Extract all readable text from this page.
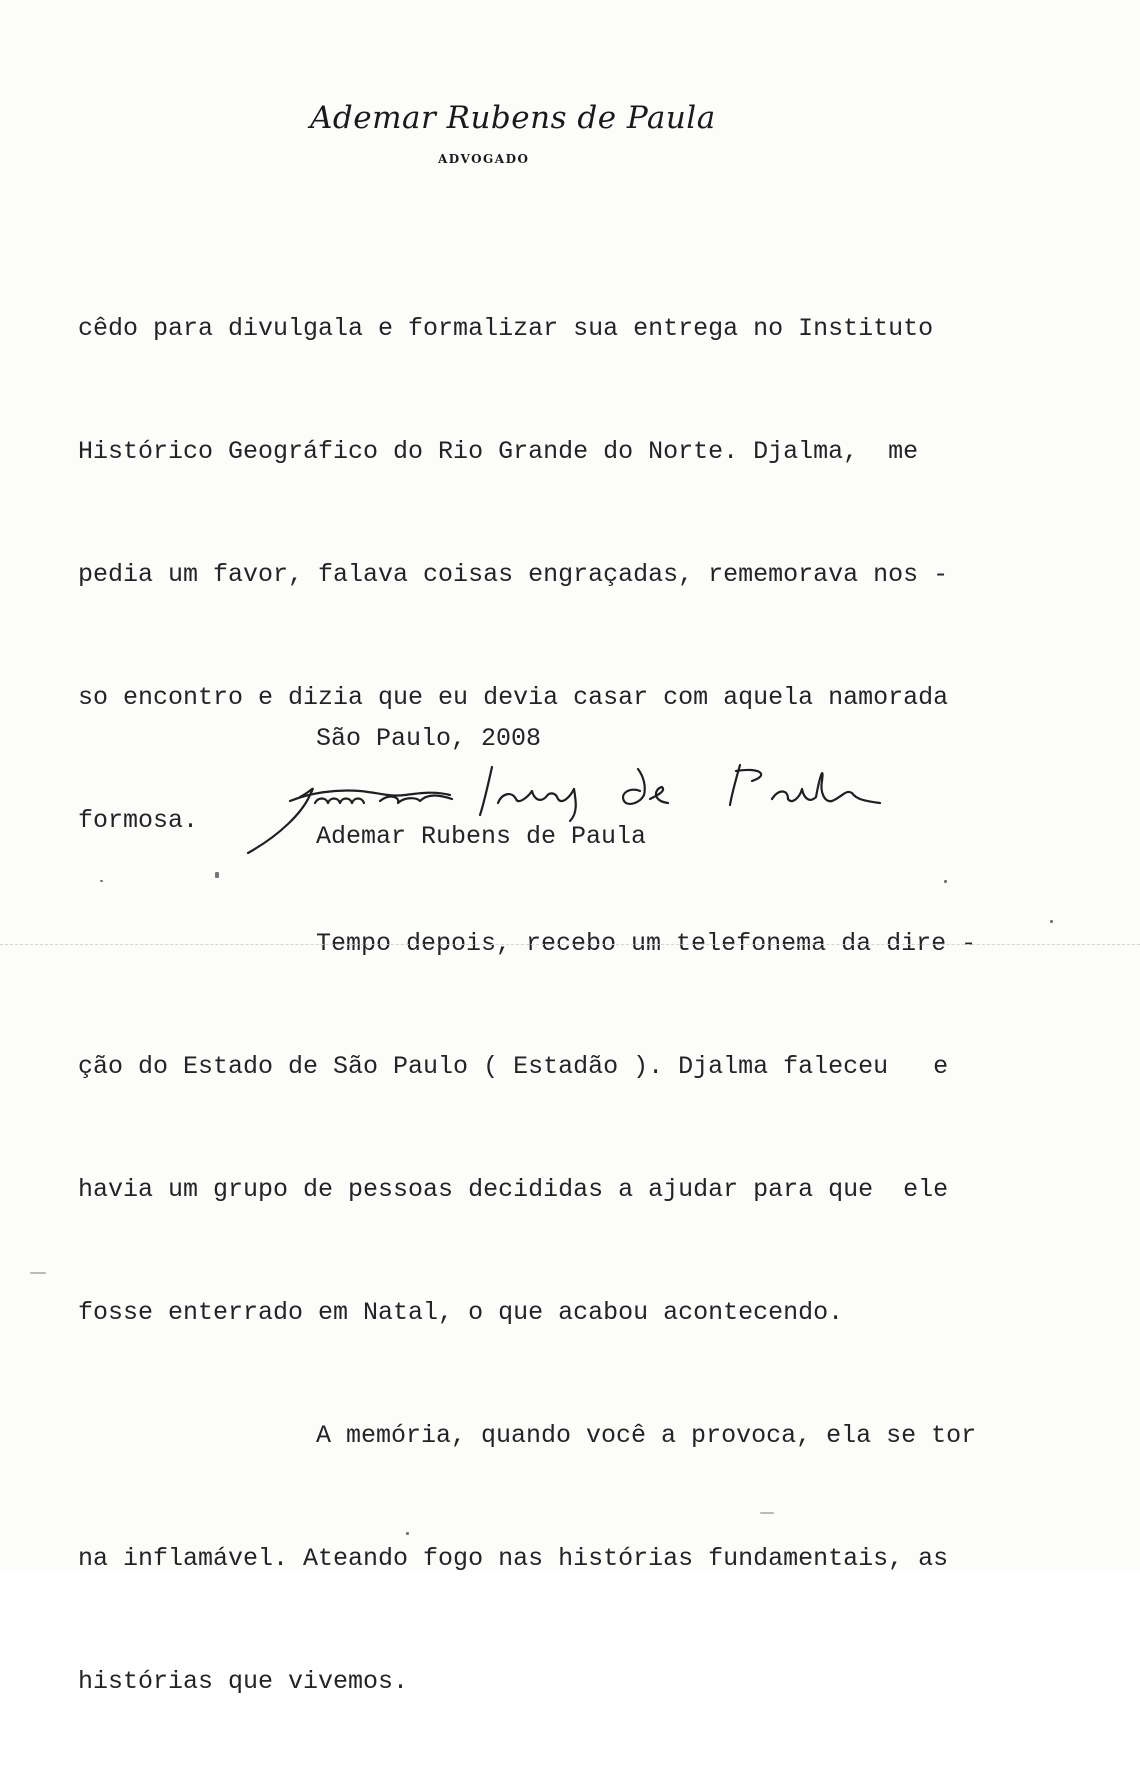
Ademar Rubens de Paula
ADVOGADO

cêdo para divulgala e formalizar sua entrega no Instituto

Histórico Geográfico do Rio Grande do Norte. Djalma,  me

pedia um favor, falava coisas engraçadas, rememorava nos -

so encontro e dizia que eu devia casar com aquela namorada

formosa.

Tempo depois, recebo um telefonema da dire -

ção do Estado de São Paulo ( Estadão ). Djalma faleceu   e

havia um grupo de pessoas decididas a ajudar para que  ele

fosse enterrado em Natal, o que acabou acontecendo.

A memória, quando você a provoca, ela se tor

na inflamável. Ateando fogo nas histórias fundamentais, as

histórias que vivemos.

São Paulo, 2008
Ademar Rubens de Paula
